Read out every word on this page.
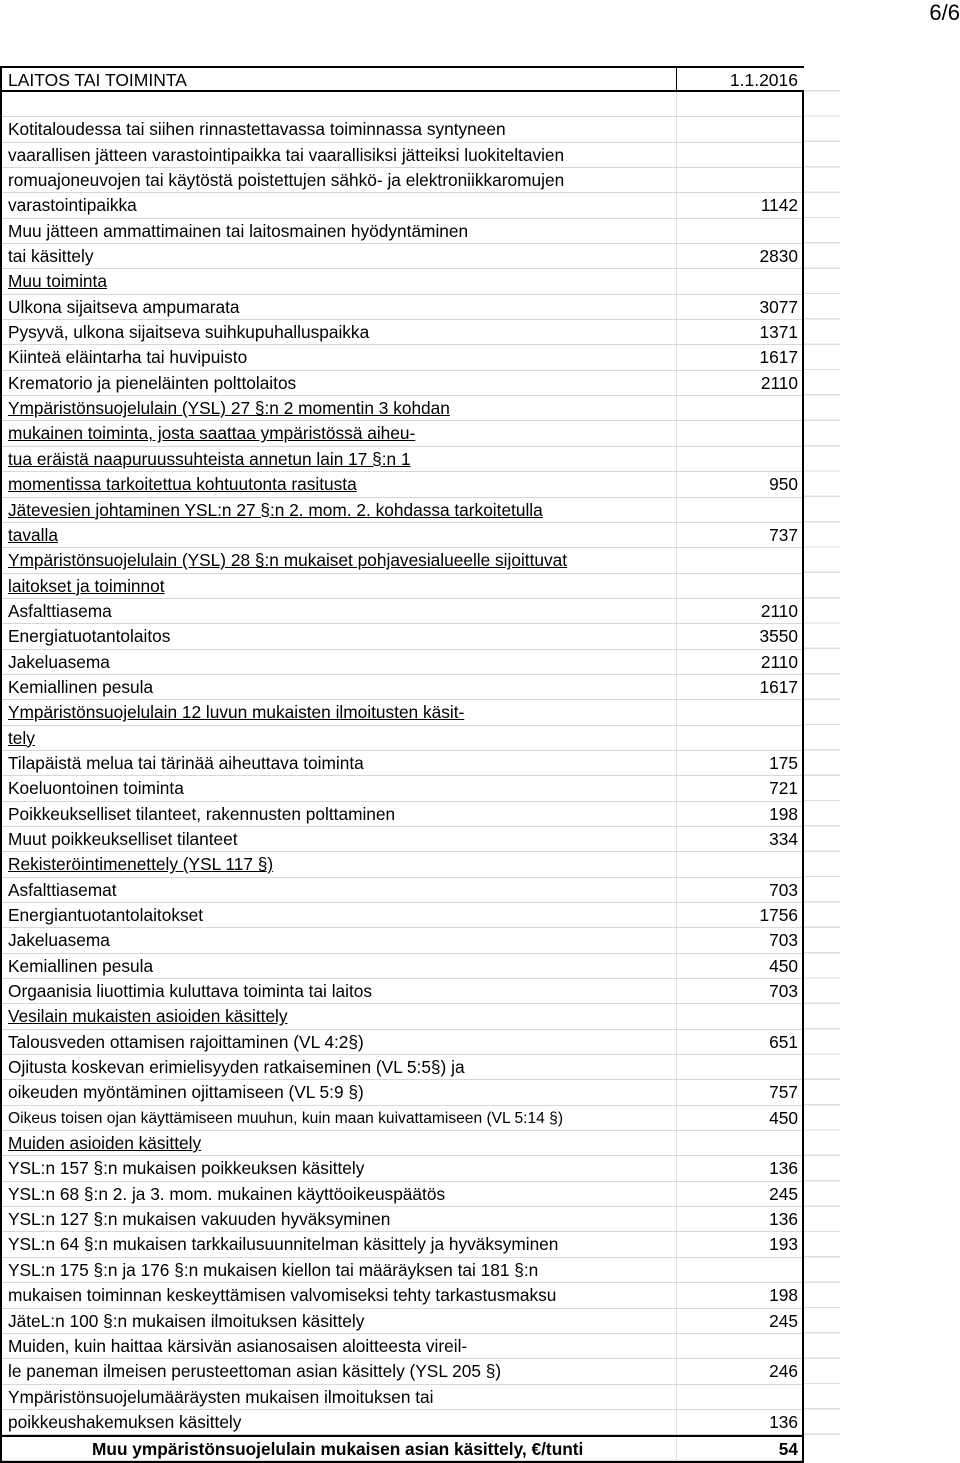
6/6
LAITOS TAI TOIMINTA	1.1.2016
Kotitaloudessa tai siihen rinnastettavassa toiminnassa syntyneen
vaarallisen jätteen varastointipaikka tai vaarallisiksi jätteiksi luokiteltavien
romuajoneuvojen tai käytöstä poistettujen sähkö- ja elektroniikkaromujen
varastointipaikka	1142
Muu jätteen ammattimainen tai laitosmainen hyödyntäminen
tai käsittely	2830
Muu toiminta
Ulkona sijaitseva ampumarata	3077
Pysyvä, ulkona sijaitseva suihkupuhalluspaikka	1371
Kiinteä eläintarha tai huvipuisto	1617
Krematorio ja pieneläinten polttolaitos	2110
Ympäristönsuojelulain (YSL) 27 §:n 2 momentin 3 kohdan
mukainen toiminta, josta saattaa ympäristössä aiheu-
tua eräistä naapuruussuhteista annetun lain 17 §:n 1
momentissa tarkoitettua kohtuutonta rasitusta	950
Jätevesien johtaminen YSL:n 27 §:n 2. mom. 2. kohdassa tarkoitetulla
tavalla	737
Ympäristönsuojelulain (YSL) 28 §:n mukaiset pohjavesialueelle sijoittuvat
laitokset ja toiminnot
Asfalttiasema	2110
Energiatuotantolaitos	3550
Jakeluasema	2110
Kemiallinen pesula	1617
Ympäristönsuojelulain 12 luvun mukaisten ilmoitusten käsit-
tely
Tilapäistä melua tai tärinää aiheuttava toiminta	175
Koeluontoinen toiminta	721
Poikkeukselliset tilanteet, rakennusten polttaminen	198
Muut poikkeukselliset tilanteet	334
Rekisteröintimenettely (YSL 117 §)
Asfalttiasemat	703
Energiantuotantolaitokset	1756
Jakeluasema	703
Kemiallinen pesula	450
Orgaanisia liuottimia kuluttava toiminta tai laitos	703
Vesilain mukaisten asioiden käsittely
Talousveden ottamisen rajoittaminen (VL 4:2§)	651
Ojitusta koskevan erimielisyyden ratkaiseminen (VL 5:5§) ja
oikeuden myöntäminen ojittamiseen (VL 5:9 §)	757
Oikeus toisen ojan käyttämiseen muuhun, kuin maan kuivattamiseen (VL 5:14 §)	450
Muiden asioiden käsittely
YSL:n 157 §:n mukaisen poikkeuksen käsittely	136
YSL:n 68 §:n 2. ja 3. mom. mukainen käyttöoikeuspäätös	245
YSL:n 127 §:n mukaisen vakuuden hyväksyminen	136
YSL:n 64 §:n mukaisen tarkkailusuunnitelman käsittely ja hyväksyminen	193
YSL:n 175 §:n ja 176 §:n mukaisen kiellon tai määräyksen tai 181 §:n
mukaisen toiminnan keskeyttämisen valvomiseksi tehty tarkastusmaksu	198
JäteL:n 100 §:n mukaisen ilmoituksen käsittely	245
Muiden, kuin haittaa kärsivän asianosaisen aloitteesta vireil-
le paneman ilmeisen perusteettoman asian käsittely (YSL 205 §)	246
Ympäristönsuojelumääräysten mukaisen ilmoituksen tai
poikkeushakemuksen käsittely	136
Muu ympäristönsuojelulain mukaisen asian käsittely, €/tunti	54
